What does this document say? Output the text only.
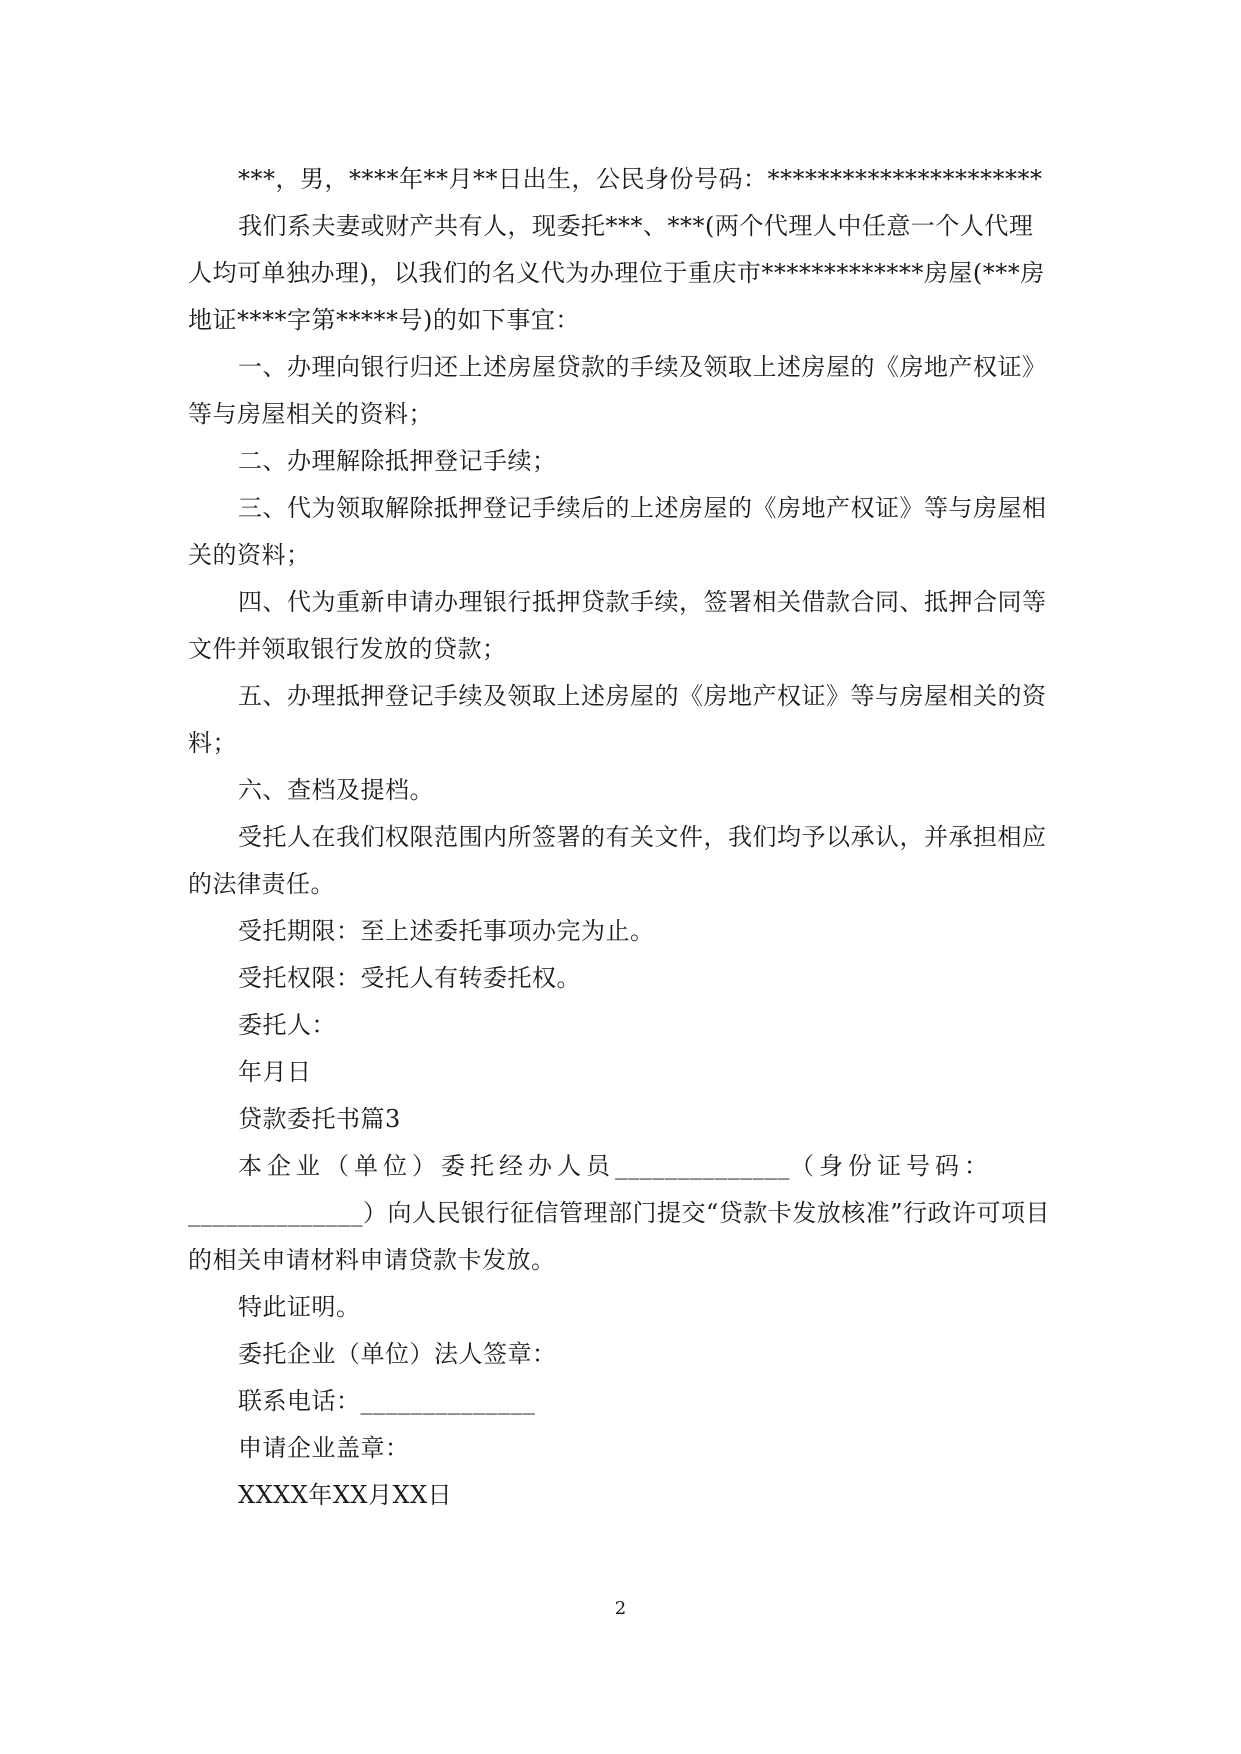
***，男，****年**月**日出生，公民身份号码：**********************

我们系夫妻或财产共有人，现委托***、***(两个代理人中任意一个人代理人均可单独办理)，以我们的名义代为办理位于重庆市*************房屋(***房地证****字第*****号)的如下事宜：

一、办理向银行归还上述房屋贷款的手续及领取上述房屋的《房地产权证》等与房屋相关的资料；

二、办理解除抵押登记手续；

三、代为领取解除抵押登记手续后的上述房屋的《房地产权证》等与房屋相关的资料；

四、代为重新申请办理银行抵押贷款手续，签署相关借款合同、抵押合同等文件并领取银行发放的贷款；

五、办理抵押登记手续及领取上述房屋的《房地产权证》等与房屋相关的资料；

六、查档及提档。

受托人在我们权限范围内所签署的有关文件，我们均予以承认，并承担相应的法律责任。

受托期限：至上述委托事项办完为止。

受托权限：受托人有转委托权。

委托人：

年月日

贷款委托书篇3

本企业（单位）委托经办人员______________（身份证号码：______________）向人民银行征信管理部门提交“贷款卡发放核准”行政许可项目的相关申请材料申请贷款卡发放。

特此证明。

委托企业（单位）法人签章：

联系电话：______________

申请企业盖章：

XXXX年XX月XX日

2
